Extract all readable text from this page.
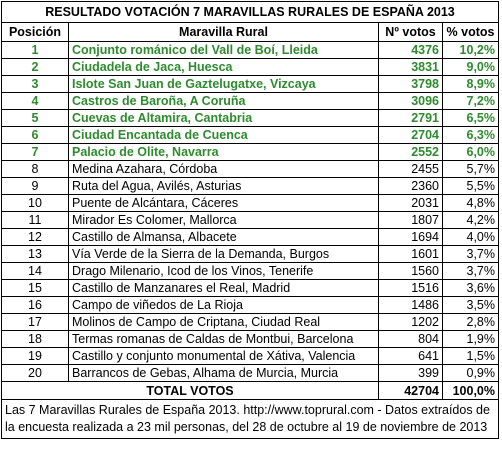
RESULTADO VOTACIÓN 7 MARAVILLAS RURALES DE ESPAÑA 2013			
Posición	Maravilla Rural	Nº votos	% votos
1	Conjunto románico del Vall de Boí, Lleida	4376	10,2%
2	Ciudadela de Jaca, Huesca	3831	9,0%
3	Islote San Juan de Gaztelugatxe, Vizcaya	3798	8,9%
4	Castros de Baroña, A Coruña	3096	7,2%
5	Cuevas de Altamira, Cantabria	2791	6,5%
6	Ciudad Encantada de Cuenca	2704	6,3%
7	Palacio de Olite, Navarra	2552	6,0%
8	Medina Azahara, Córdoba	2455	5,7%
9	Ruta del Agua, Avilés, Asturias	2360	5,5%
10	Puente de Alcántara, Cáceres	2031	4,8%
11	Mirador Es Colomer, Mallorca	1807	4,2%
12	Castillo de Almansa, Albacete	1694	4,0%
13	Vía Verde de la Sierra de la Demanda, Burgos	1601	3,7%
14	Drago Milenario, Icod de los Vinos, Tenerife	1560	3,7%
15	Castillo de Manzanares el Real, Madrid	1516	3,6%
16	Campo de viñedos de La Rioja	1486	3,5%
17	Molinos de Campo de Criptana, Ciudad Real	1202	2,8%
18	Termas romanas de Caldas de Montbui, Barcelona	804	1,9%
19	Castillo y conjunto monumental de Xátiva, Valencia	641	1,5%
20	Barrancos de Gebas, Alhama de Murcia, Murcia	399	0,9%
TOTAL VOTOS		42704	100,0%
Las 7 Maravillas Rurales de España 2013. http://www.toprural.com - Datos extraídos de la encuesta realizada a 23 mil personas, del 28 de octubre al 19 de noviembre de 2013			
